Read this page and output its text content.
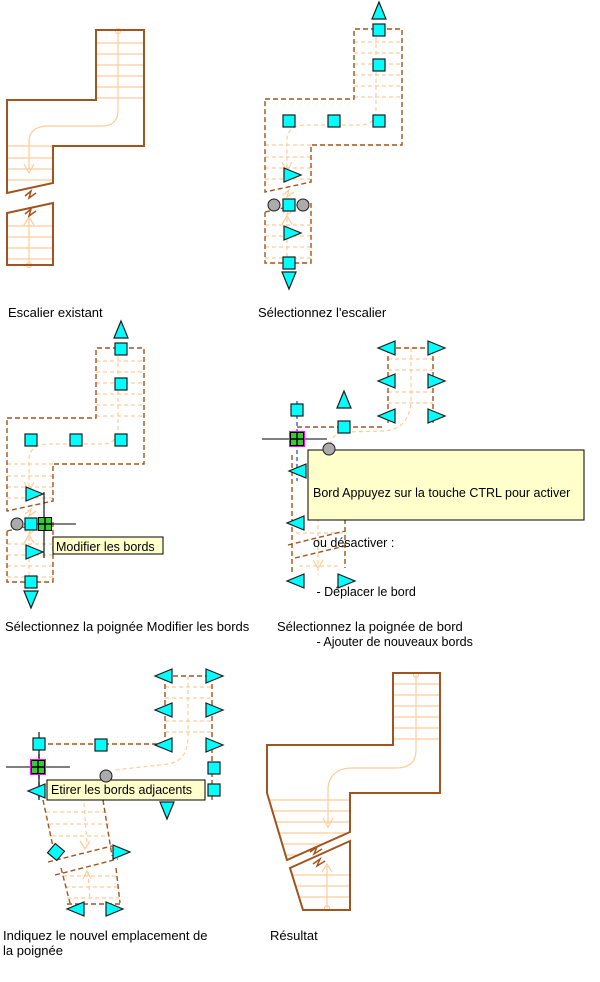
Modifier les bords

Bord Appuyez sur la touche CTRL pour activer

ou désactiver :

- Déplacer le bord

- Ajouter de nouveaux bords

Etirer les bords adjacents
Escalier existant	Sélectionnez l'escalier
Sélectionnez la poignée Modifier les bords Sélectionnez la poignée de bord
Indiquez le nouvel emplacement de la poignée
Résultat
